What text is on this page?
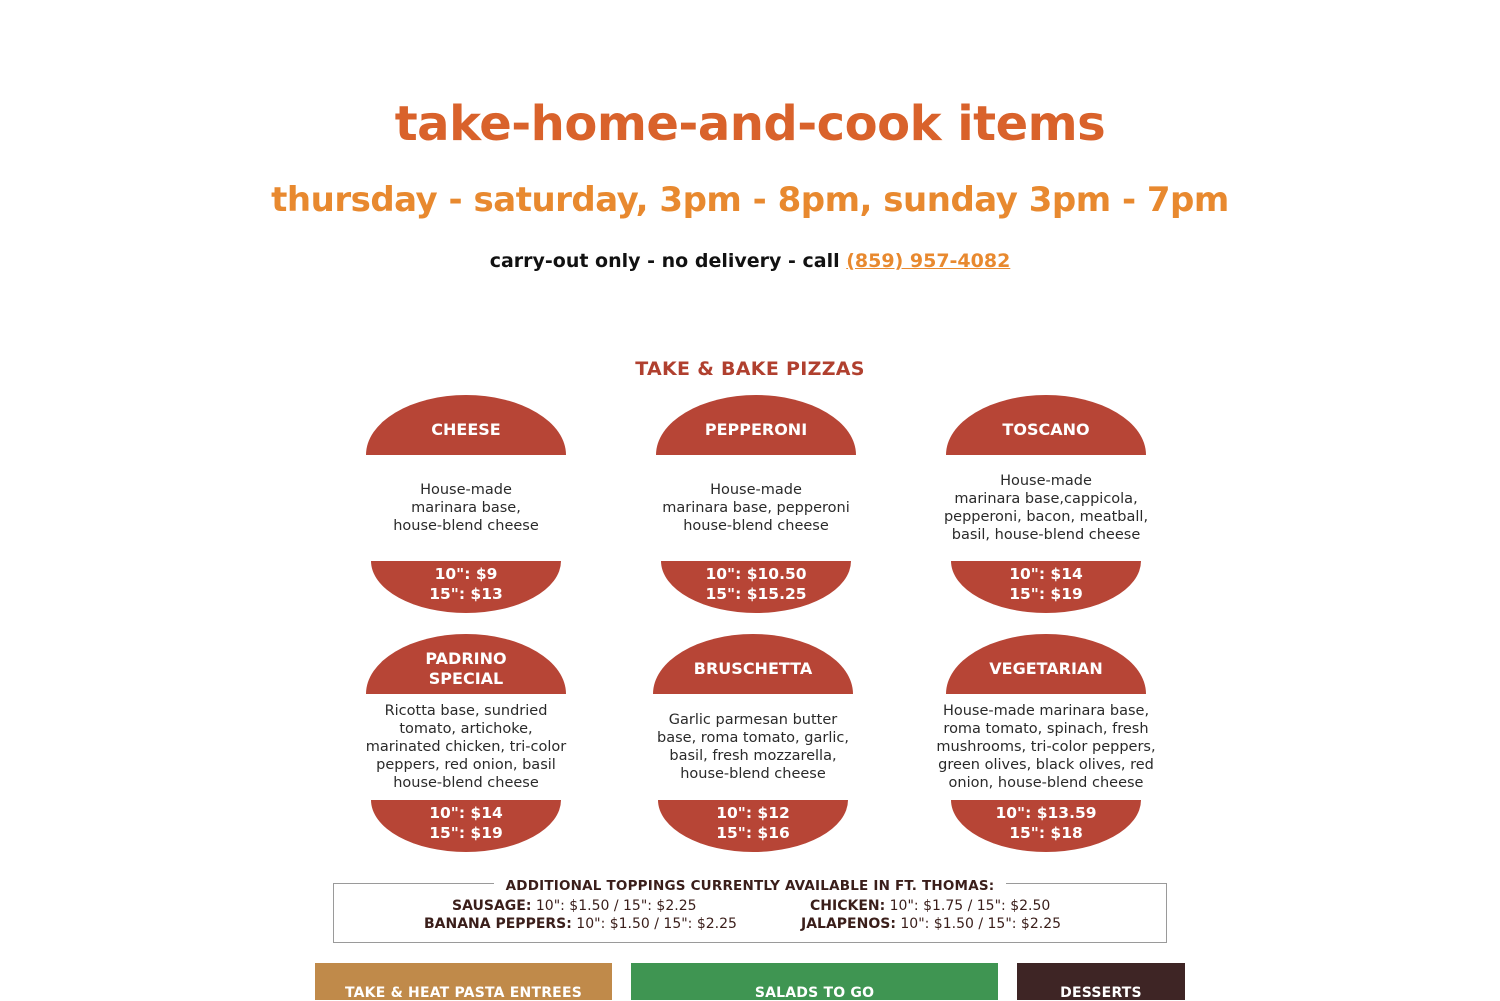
take-home-and-cook items
thursday - saturday, 3pm - 8pm, sunday 3pm - 7pm
carry-out only - no delivery - call (859) 957-4082
TAKE & BAKE PIZZAS
CHEESE
House-made
marinara base,
house-blend cheese
10": $9
15": $13
PEPPERONI
House-made
marinara base, pepperoni
house-blend cheese
10": $10.50
15": $15.25
TOSCANO
House-made
marinara base,cappicola,
pepperoni, bacon, meatball,
basil, house-blend cheese
10": $14
15": $19
PADRINO
SPECIAL
Ricotta base, sundried
tomato, artichoke,
marinated chicken, tri-color
peppers, red onion, basil
house-blend cheese
10": $14
15": $19
BRUSCHETTA
Garlic parmesan butter
base, roma tomato, garlic,
basil, fresh mozzarella,
house-blend cheese
10": $12
15": $16
VEGETARIAN
House-made marinara base,
roma tomato, spinach, fresh
mushrooms, tri-color peppers,
green olives, black olives, red
onion, house-blend cheese
10": $13.59
15": $18
ADDITIONAL TOPPINGS CURRENTLY AVAILABLE IN FT. THOMAS:
SAUSAGE: 10": $1.50 / 15": $2.25	CHICKEN: 10": $1.75 / 15": $2.50
BANANA PEPPERS: 10": $1.50 / 15": $2.25	JALAPENOS: 10": $1.50 / 15": $2.25
TAKE & HEAT PASTA ENTREES	SALADS TO GO	DESSERTS
